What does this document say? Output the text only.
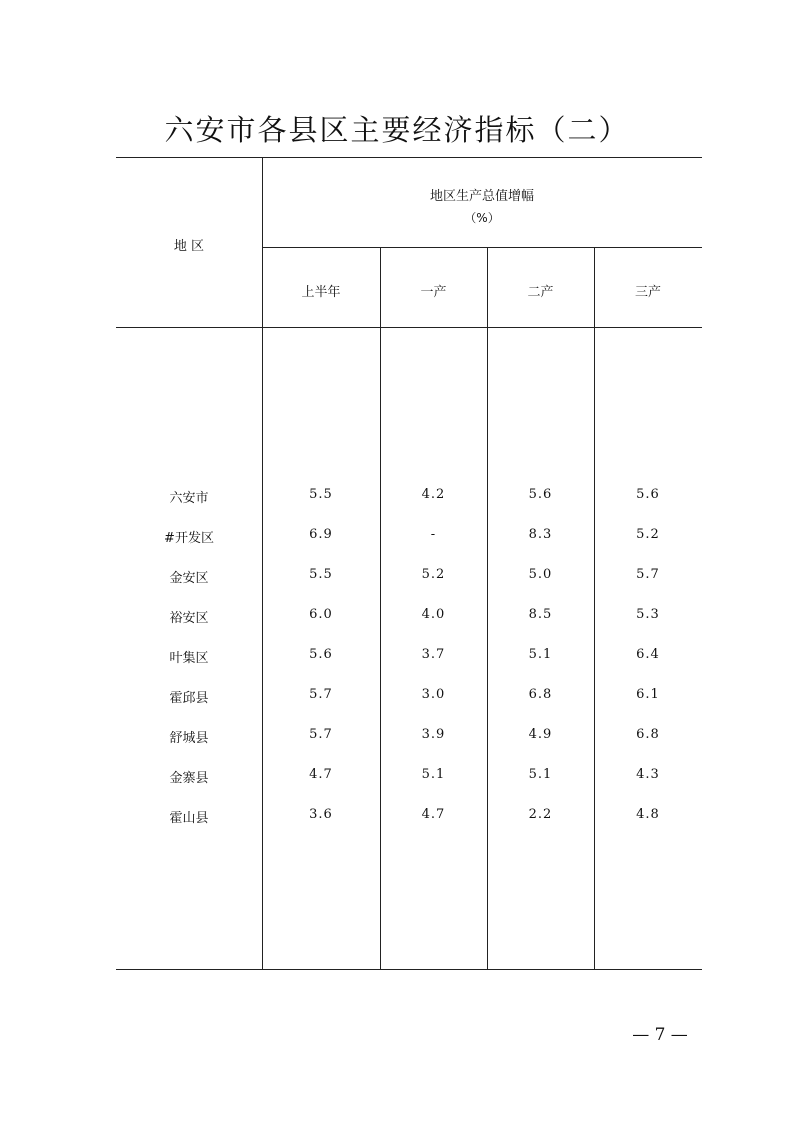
六安市各县区主要经济指标（二）
地 区
地区生产总值增幅
（%）
上半年	一产	二产	三产
六安市	5.5	4.2	5.6	5.6
#开发区	6.9	-	8.3	5.2
金安区	5.5	5.2	5.0	5.7
裕安区	6.0	4.0	8.5	5.3
叶集区	5.6	3.7	5.1	6.4
霍邱县	5.7	3.0	6.8	6.1
舒城县	5.7	3.9	4.9	6.8
金寨县	4.7	5.1	5.1	4.3
霍山县	3.6	4.7	2.2	4.8
— 7 —
